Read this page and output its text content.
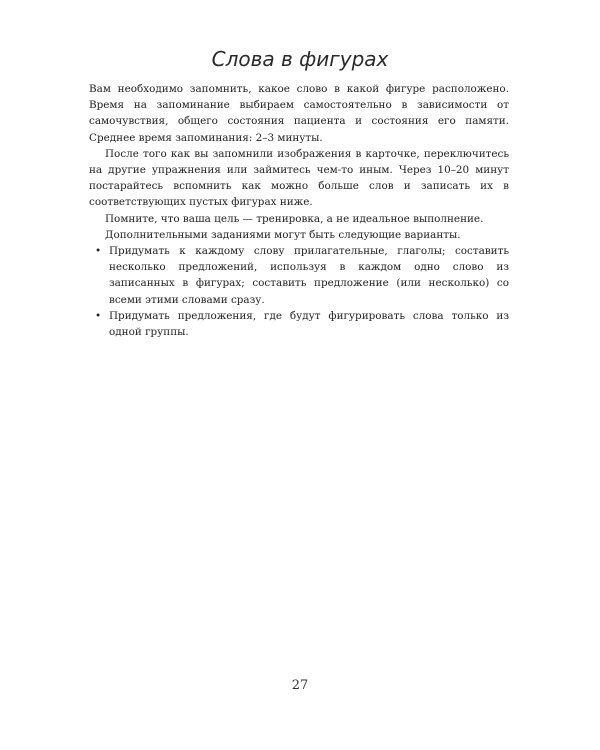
Слова в фигурах

Вам необходимо запомнить, какое слово в какой фигуре расположено. Время на запоминание выбираем самостоятельно в зависимости от самочувствия, общего состояния пациента и состояния его памяти. Среднее время запоминания: 2–3 минуты.

После того как вы запомнили изображения в карточке, переключитесь на другие упражнения или займитесь чем-то иным. Через 10–20 минут постарайтесь вспомнить как можно больше слов и записать их в соответствующих пустых фигурах ниже.

Помните, что ваша цель — тренировка, а не идеальное выполнение.

Дополнительными заданиями могут быть следующие варианты.

• Придумать к каждому слову прилагательные, глаголы; составить несколько предложений, используя в каждом одно слово из записанных в фигурах; составить предложение (или несколько) со всеми этими словами сразу.
• Придумать предложения, где будут фигурировать слова только из одной группы.
27
